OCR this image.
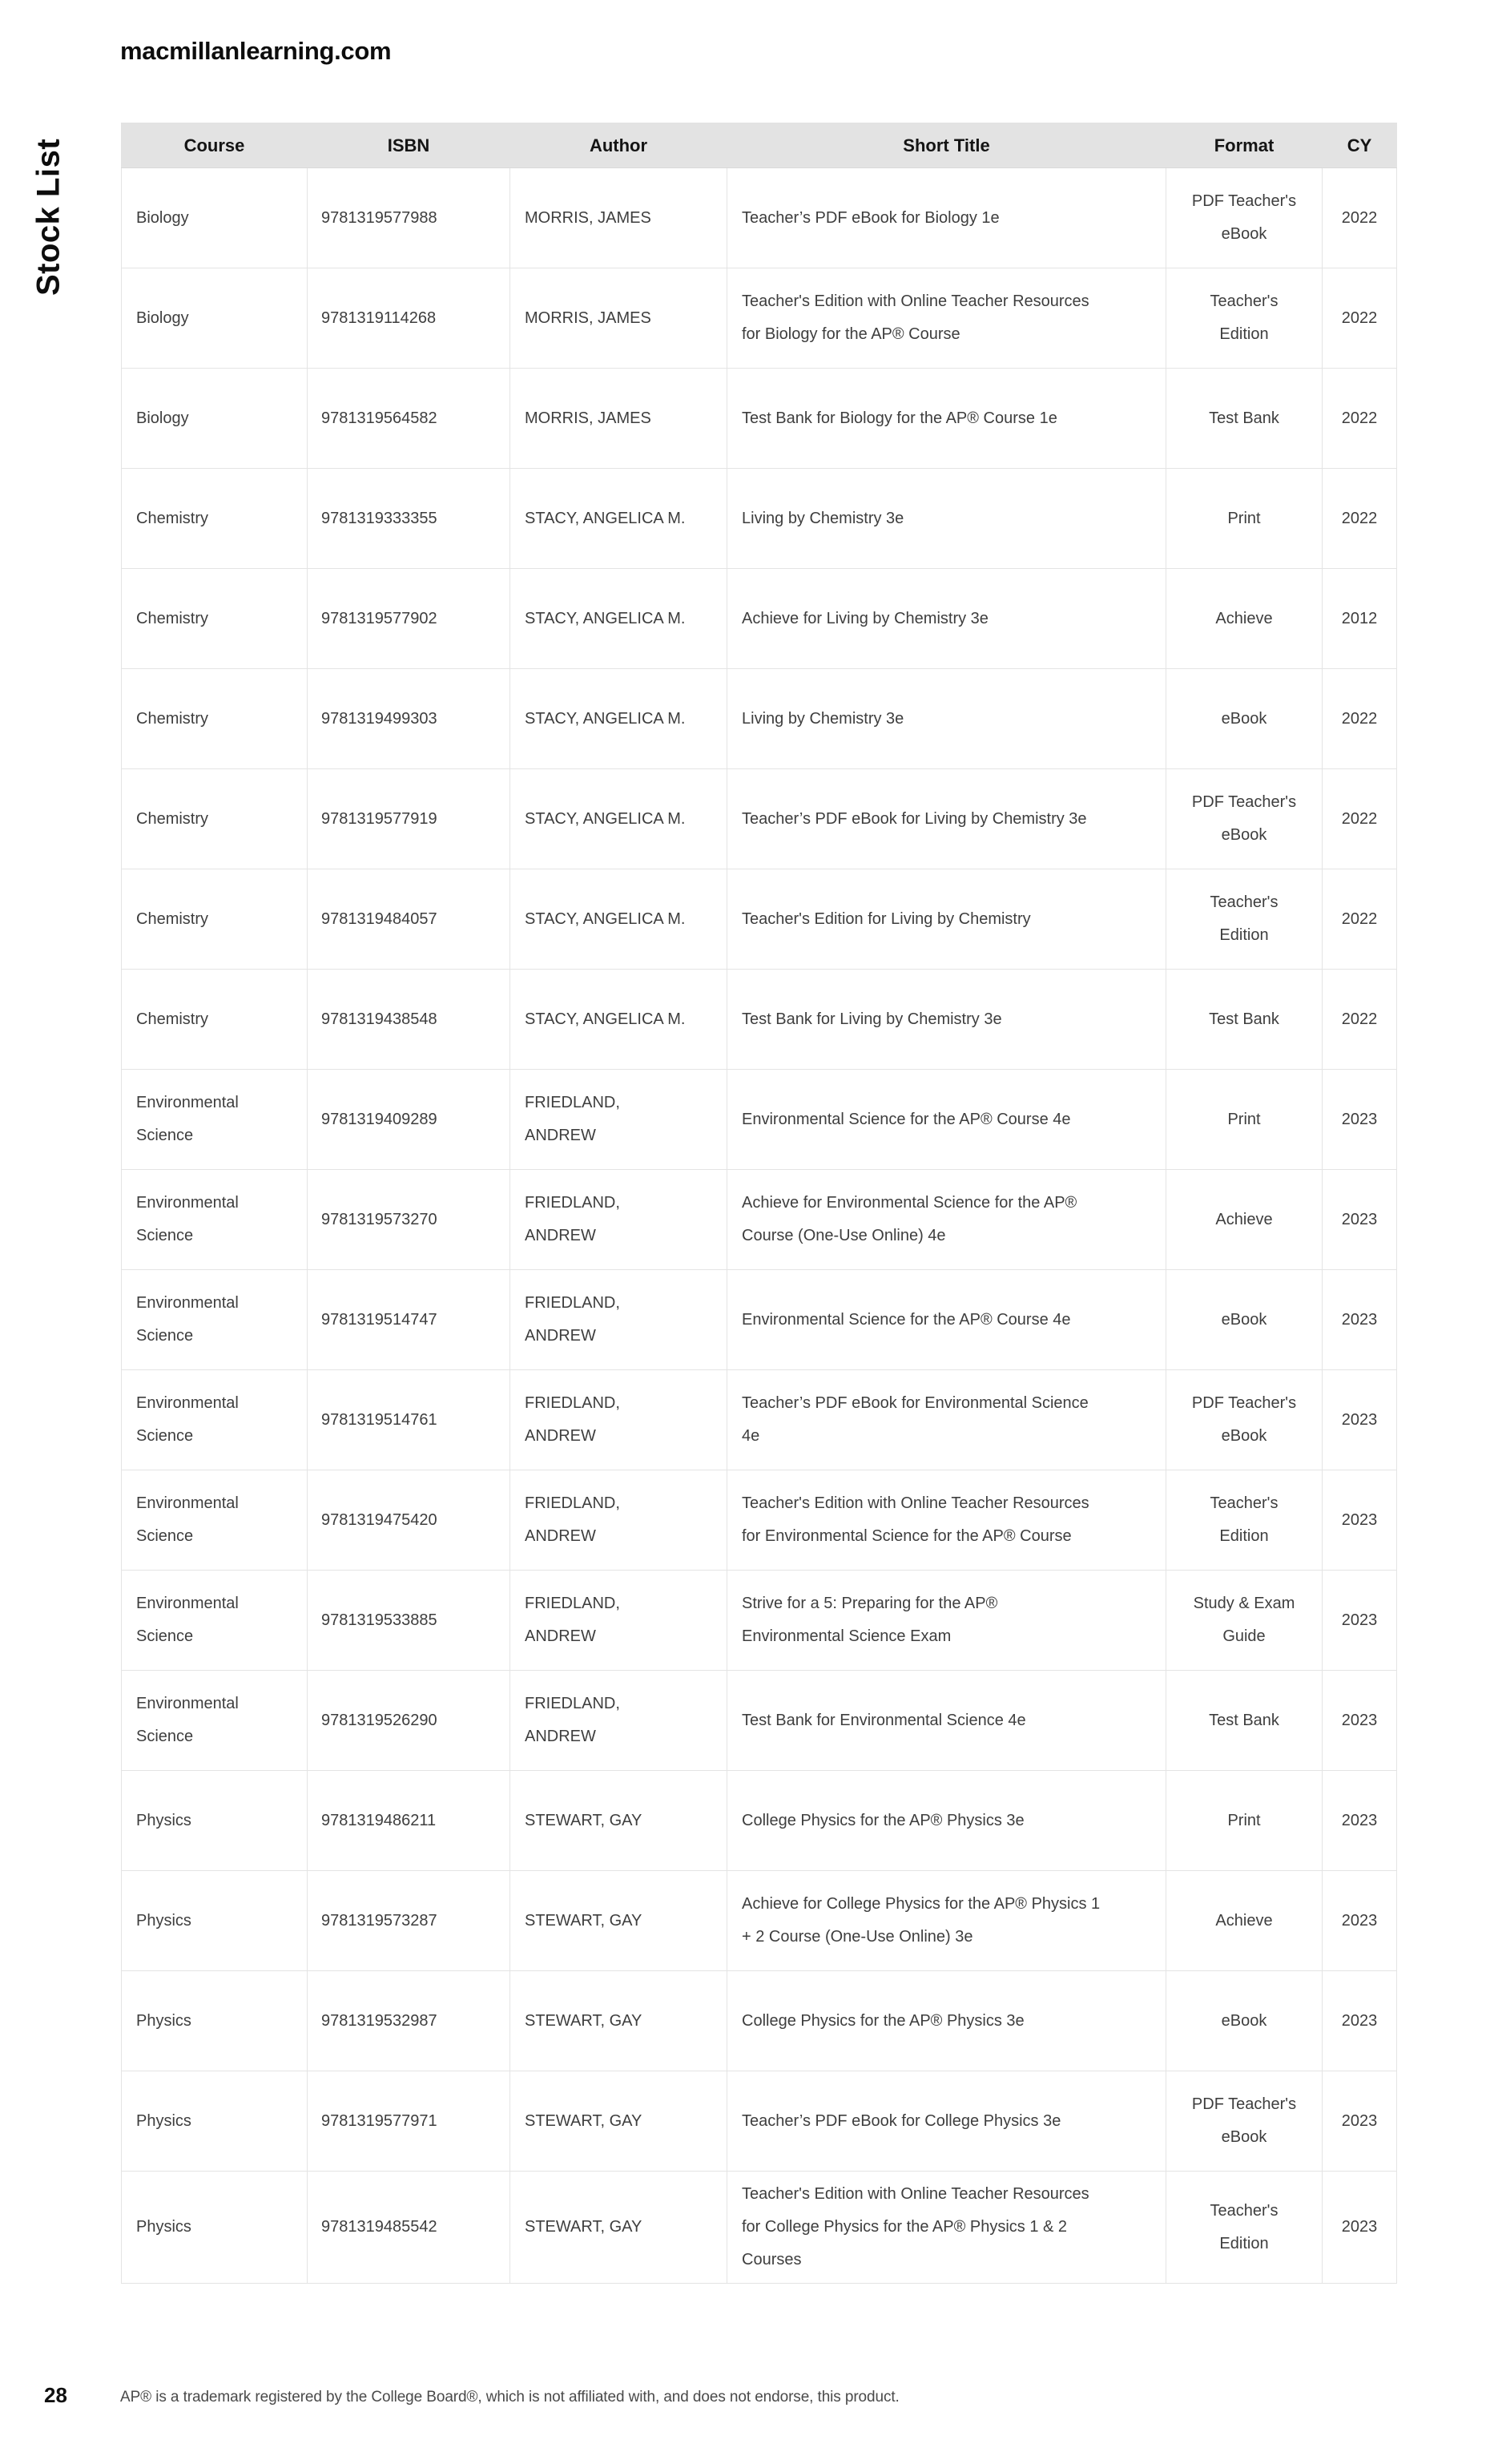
macmillanlearning.com
Stock List	Course	ISBN	Author	Short Title	Format	CY
Biology	9781319577988	MORRIS, JAMES	Teacher’s PDF eBook for Biology 1e	PDF Teacher's eBook	2022
Biology	9781319114268	MORRIS, JAMES	Teacher's Edition with Online Teacher Resources for Biology for the AP® Course	Teacher's Edition	2022
Biology	9781319564582	MORRIS, JAMES	Test Bank for Biology for the AP® Course 1e	Test Bank	2022
Chemistry	9781319333355	STACY, ANGELICA M.	Living by Chemistry 3e	Print	2022
Chemistry	9781319577902	STACY, ANGELICA M.	Achieve for Living by Chemistry 3e	Achieve	2012
Chemistry	9781319499303	STACY, ANGELICA M.	Living by Chemistry 3e	eBook	2022
Chemistry	9781319577919	STACY, ANGELICA M.	Teacher’s PDF eBook for Living by Chemistry 3e	PDF Teacher's eBook	2022
Chemistry	9781319484057	STACY, ANGELICA M.	Teacher's Edition for Living by Chemistry	Teacher's Edition	2022
Chemistry	9781319438548	STACY, ANGELICA M.	Test Bank for Living by Chemistry 3e	Test Bank	2022
Environmental Science	9781319409289	FRIEDLAND, ANDREW	Environmental Science for the AP® Course 4e	Print	2023
Environmental Science	9781319573270	FRIEDLAND, ANDREW	Achieve for Environmental Science for the AP® Course (One-Use Online) 4e	Achieve	2023
Environmental Science	9781319514747	FRIEDLAND, ANDREW	Environmental Science for the AP® Course 4e	eBook	2023
Environmental Science	9781319514761	FRIEDLAND, ANDREW	Teacher’s PDF eBook for Environmental Science 4e	PDF Teacher's eBook	2023
Environmental Science	9781319475420	FRIEDLAND, ANDREW	Teacher's Edition with Online Teacher Resources for Environmental Science for the AP® Course	Teacher's Edition	2023
Environmental Science	9781319533885	FRIEDLAND, ANDREW	Strive for a 5: Preparing for the AP® Environmental Science Exam	Study & Exam Guide	2023
Environmental Science	9781319526290	FRIEDLAND, ANDREW	Test Bank for Environmental Science 4e	Test Bank	2023
Physics	9781319486211	STEWART, GAY	College Physics for the AP® Physics 3e	Print	2023
Physics	9781319573287	STEWART, GAY	Achieve for College Physics for the AP® Physics 1 + 2 Course (One-Use Online) 3e	Achieve	2023
Physics	9781319532987	STEWART, GAY	College Physics for the AP® Physics 3e	eBook	2023
Physics	9781319577971	STEWART, GAY	Teacher’s PDF eBook for College Physics 3e	PDF Teacher's eBook	2023
Physics	9781319485542	STEWART, GAY	Teacher's Edition with Online Teacher Resources for College Physics for the AP® Physics 1 & 2 Courses	Teacher's Edition	2023
28	AP® is a trademark registered by the College Board®, which is not affiliated with, and does not endorse, this product.
